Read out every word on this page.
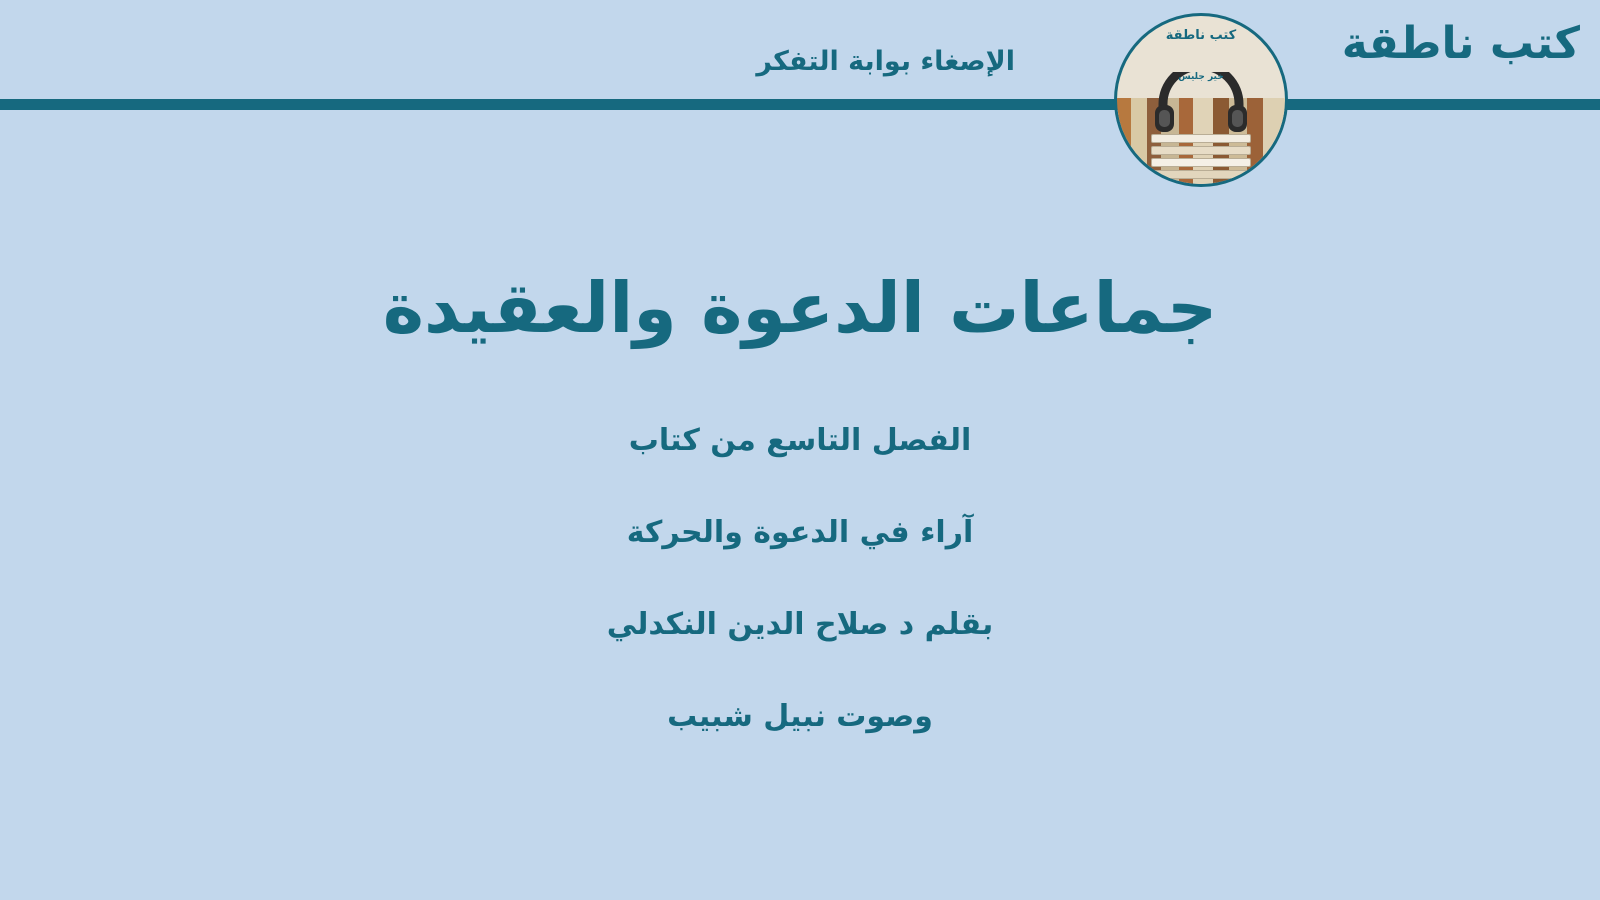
كتب ناطقة
الإصغاء بوابة التفكر
كتب ناطقة
خير جليس
جماعات الدعوة والعقيدة
الفصل التاسع من كتاب
آراء في الدعوة والحركة
بقلم د صلاح الدين النكدلي
وصوت نبيل شبيب
